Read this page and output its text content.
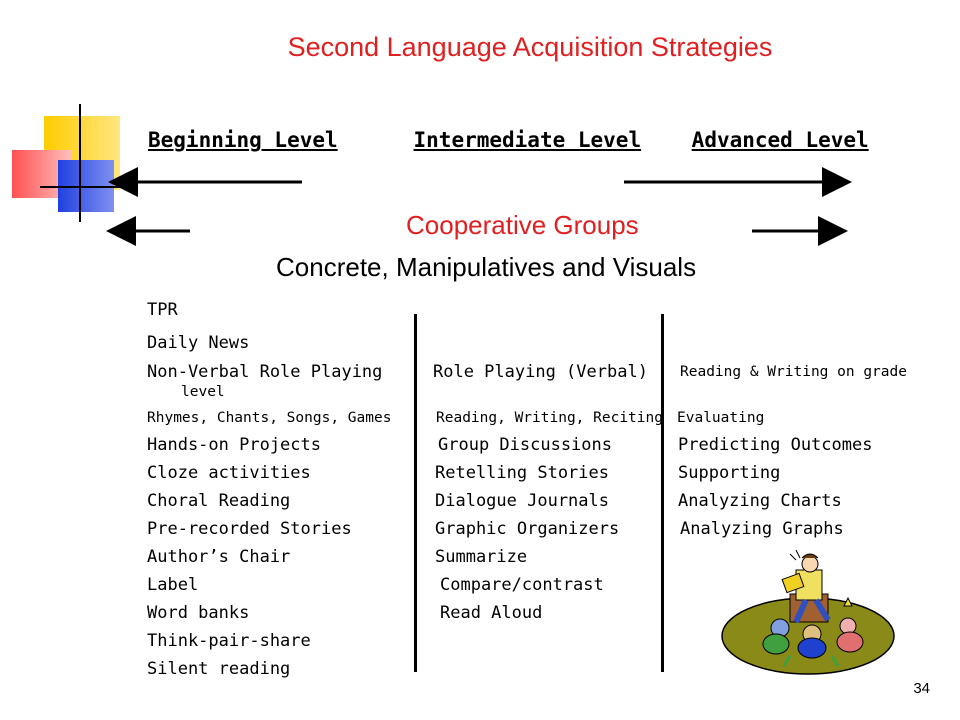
Second Language Acquisition Strategies
Beginning Level	Intermediate Level Advanced Level
Cooperative Groups
Concrete, Manipulatives and Visuals
TPR
Daily News
Non-Verbal Role Playing
Rhymes, Chants, Songs, Games
Hands-on Projects
Cloze activities
Choral Reading
Pre-recorded Stories
Author’s Chair
Label
Word banks
Think-pair-share
Silent reading
Role Playing (Verbal)
Reading, Writing, Reciting
Group Discussions
Retelling Stories
Dialogue Journals
Graphic Organizers
Summarize
Compare/contrast
Read Aloud
Reading & Writing on grade
level
Evaluating
Predicting Outcomes
Supporting
Analyzing Charts
Analyzing Graphs
34
